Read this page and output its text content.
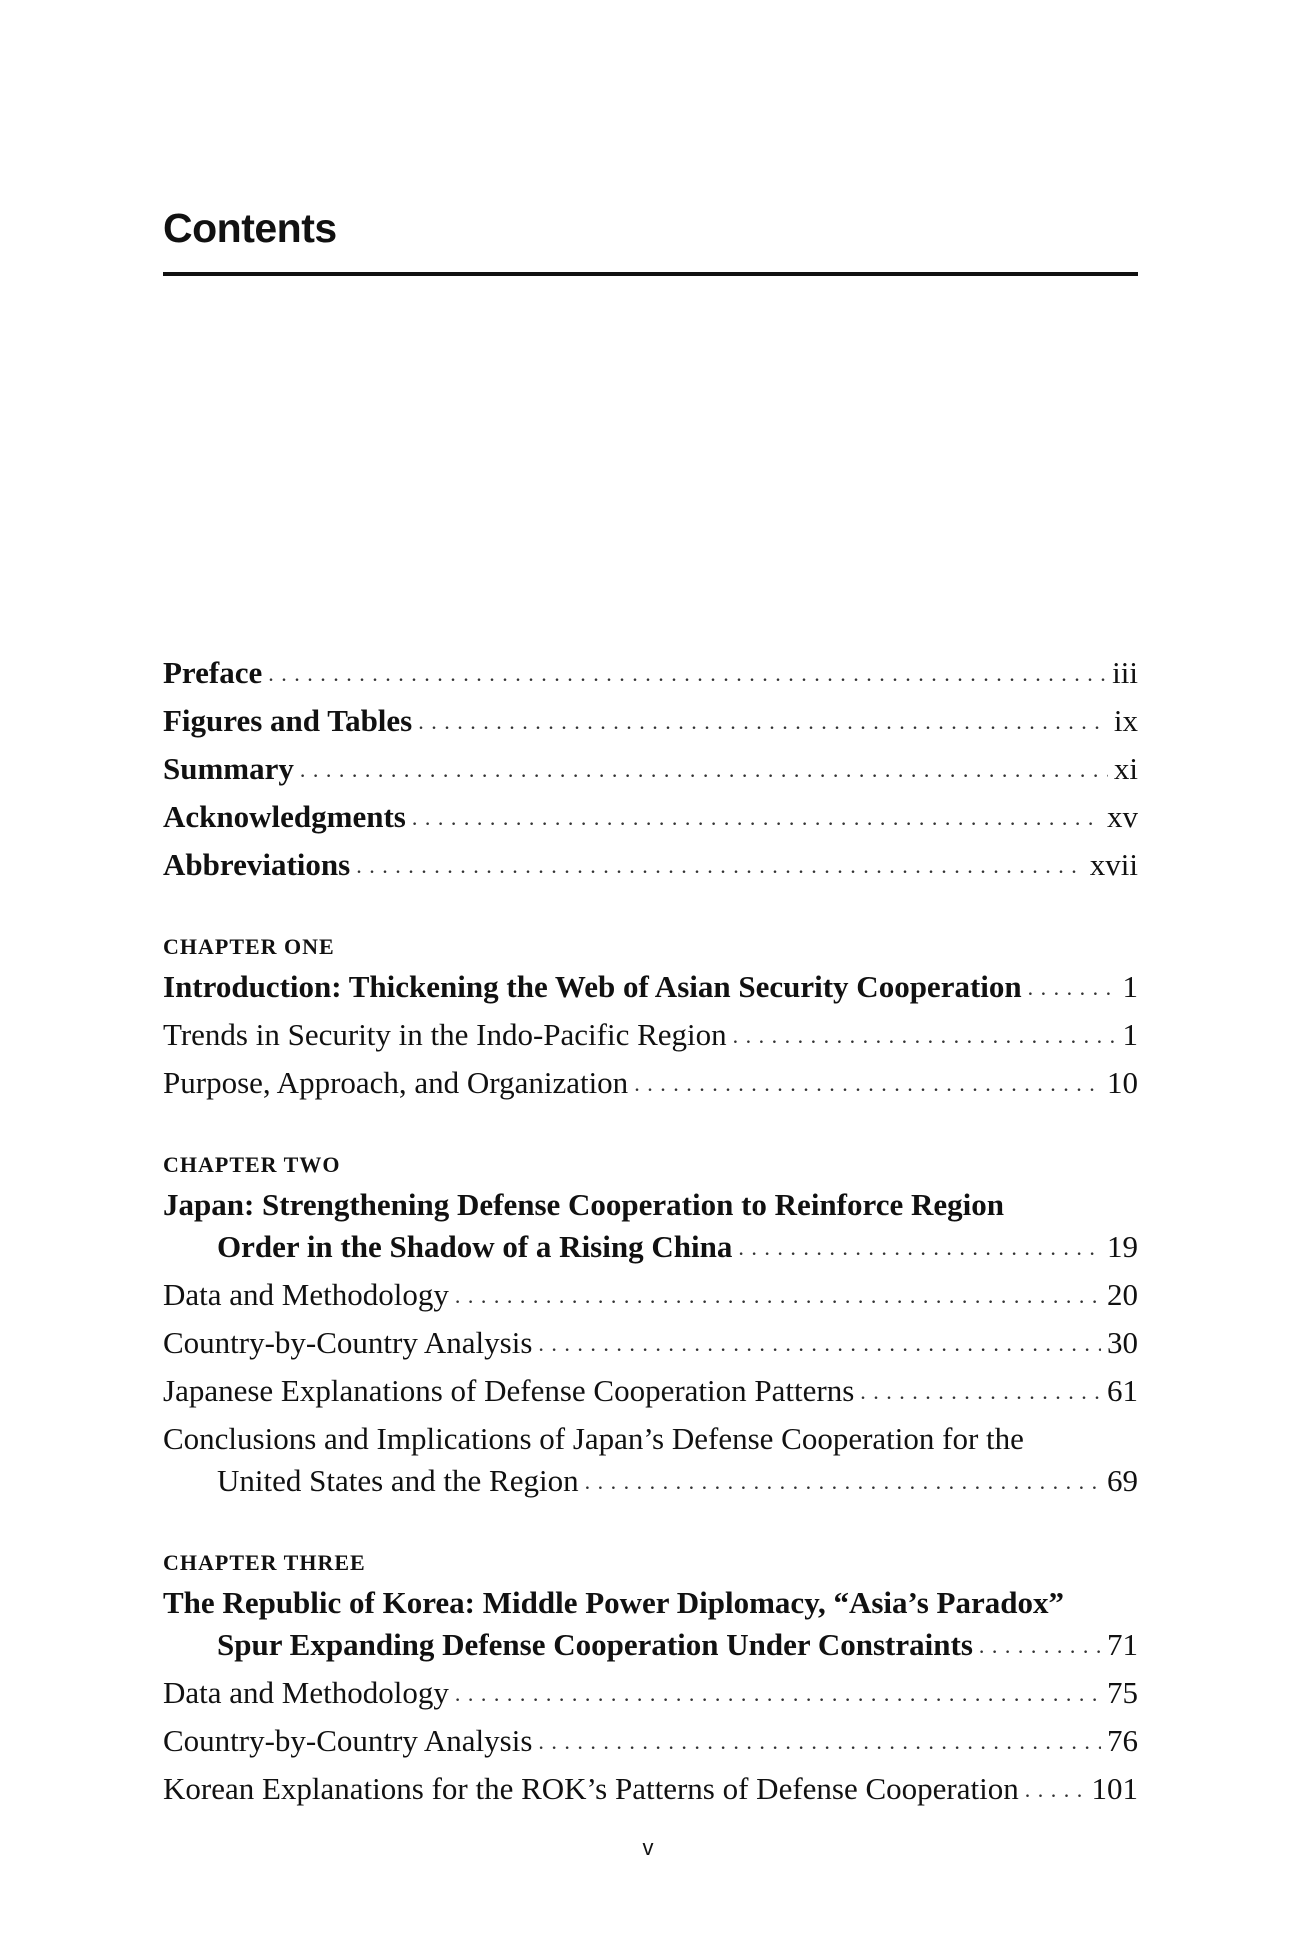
Contents
Preface . . .	iii
Figures and Tables . . .	ix
Summary . . .	xi
Acknowledgments . . .	xv
Abbreviations . . .	xvii
CHAPTER ONE
Introduction: Thickening the Web of Asian Security Cooperation . . .	1
Trends in Security in the Indo-Pacific Region . . .	1
Purpose, Approach, and Organization . . .	10
CHAPTER TWO
Japan: Strengthening Defense Cooperation to Reinforce Region
Order in the Shadow of a Rising China . . .	19
Data and Methodology . . .	20
Country-by-Country Analysis . . .	30
Japanese Explanations of Defense Cooperation Patterns . . .	61
Conclusions and Implications of Japan’s Defense Cooperation for the
United States and the Region . . .	69
CHAPTER THREE
The Republic of Korea: Middle Power Diplomacy, “Asia’s Paradox”
Spur Expanding Defense Cooperation Under Constraints . . .	71
Data and Methodology . . .	75
Country-by-Country Analysis . . .	76
Korean Explanations for the ROK’s Patterns of Defense Cooperation . . . 101
v
